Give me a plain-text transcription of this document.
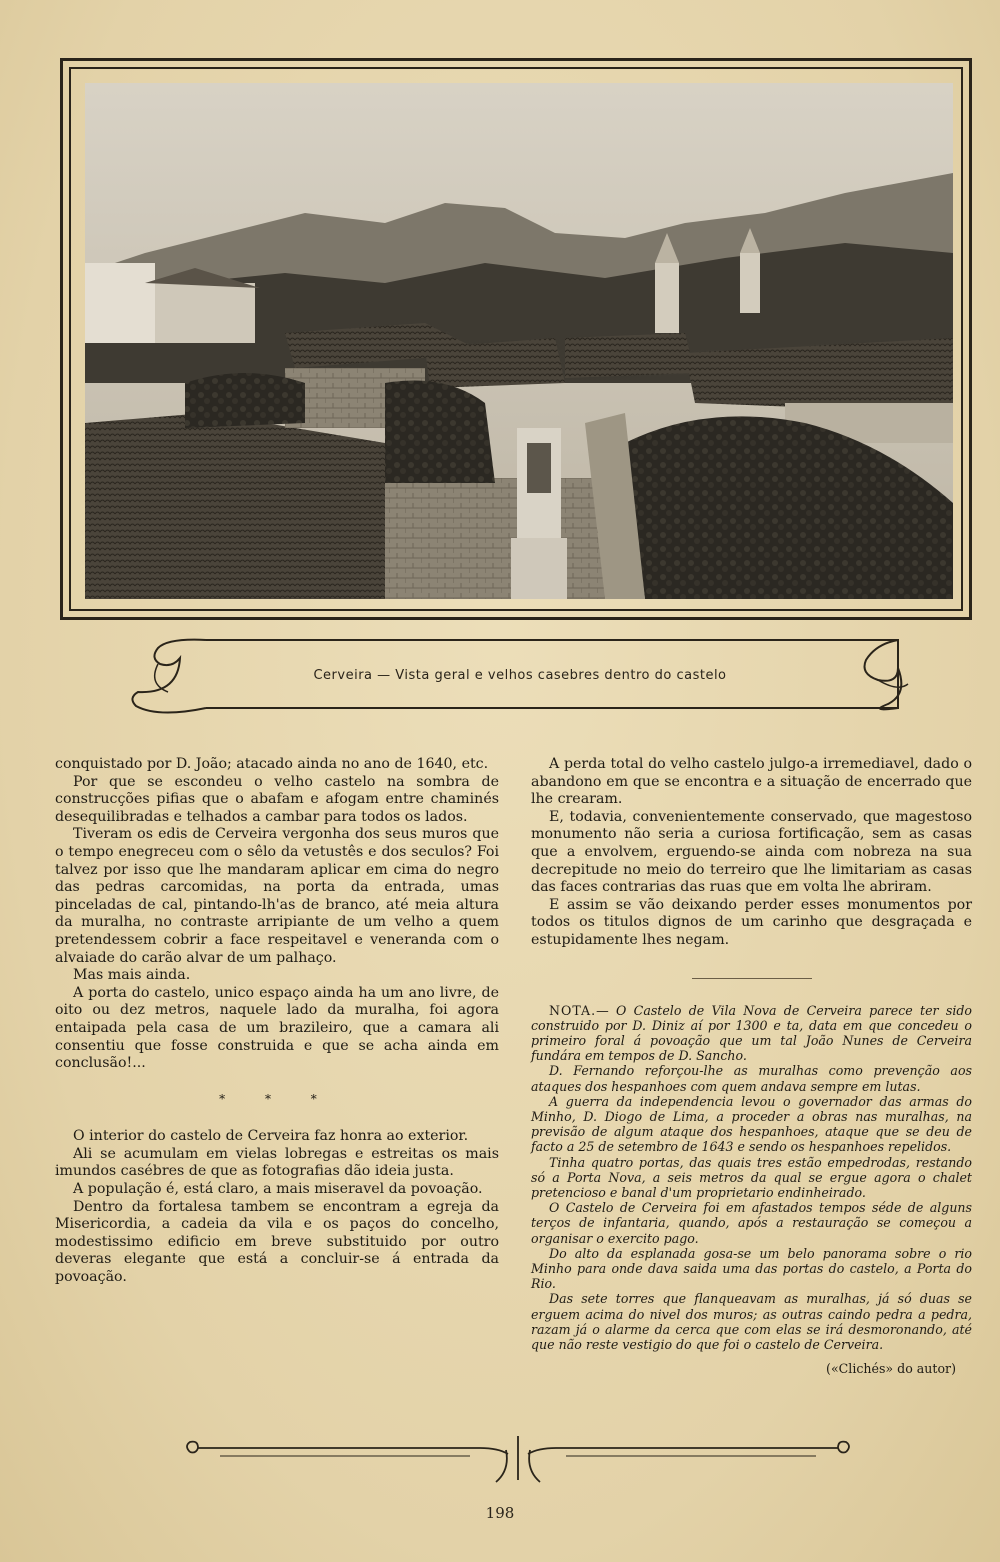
Cerveira — Vista geral e velhos casebres dentro do castelo

conquistado por D. João; atacado ainda no ano de 1640, etc.

Por que se escondeu o velho castelo na sombra de construcções pifias que o abafam e afogam entre chaminés desequilibradas e telhados a cambar para todos os lados.

Tiveram os edis de Cerveira vergonha dos seus muros que o tempo enegreceu com o sêlo da vetustês e dos seculos? Foi talvez por isso que lhe mandaram aplicar em cima do negro das pedras carcomidas, na porta da entrada, umas pinceladas de cal, pintando-lh'as de branco, até meia altura da muralha, no contraste arripiante de um velho a quem pretendessem cobrir a face respeitavel e veneranda com o alvaiade do carão alvar de um palhaço.

Mas mais ainda.

A porta do castelo, unico espaço ainda ha um ano livre, de oito ou dez metros, naquele lado da muralha, foi agora entaipada pela casa de um brazileiro, que a camara ali consentiu que fosse construida e que se acha ainda em conclusão!...

* * *

O interior do castelo de Cerveira faz honra ao exterior.

Ali se acumulam em vielas lobregas e estreitas os mais imundos casébres de que as fotografias dão ideia justa.

A população é, está claro, a mais miseravel da povoação.

Dentro da fortalesa tambem se encontram a egreja da Misericordia, a cadeia da vila e os paços do concelho, modestissimo edificio em breve substituido por outro deveras elegante que está a concluir-se á entrada da povoação.

A perda total do velho castelo julgo-a irremediavel, dado o abandono em que se encontra e a situação de encerrado que lhe crearam.

E, todavia, convenientemente conservado, que magestoso monumento não seria a curiosa fortificação, sem as casas que a envolvem, erguendo-se ainda com nobreza na sua decrepitude no meio do terreiro que lhe limitariam as casas das faces contrarias das ruas que em volta lhe abriram.

E assim se vão deixando perder esses monumentos por todos os titulos dignos de um carinho que desgraçada e estupidamente lhes negam.

NOTA.— O Castelo de Vila Nova de Cerveira parece ter sido construido por D. Diniz aí por 1300 e ta, data em que concedeu o primeiro foral á povoação que um tal João Nunes de Cerveira fundára em tempos de D. Sancho.

D. Fernando reforçou-lhe as muralhas como prevenção aos ataques dos hespanhoes com quem andava sempre em lutas.

A guerra da independencia levou o governador das armas do Minho, D. Diogo de Lima, a proceder a obras nas muralhas, na previsão de algum ataque dos hespanhoes, ataque que se deu de facto a 25 de setembro de 1643 e sendo os hespanhoes repelidos.

Tinha quatro portas, das quais tres estão empedrodas, restando só a Porta Nova, a seis metros da qual se ergue agora o chalet pretencioso e banal d'um proprietario endinheirado.

O Castelo de Cerveira foi em afastados tempos séde de alguns terços de infantaria, quando, após a restauração se começou a organisar o exercito pago.

Do alto da esplanada gosa-se um belo panorama sobre o rio Minho para onde dava saida uma das portas do castelo, a Porta do Rio.

Das sete torres que flanqueavam as muralhas, já só duas se erguem acima do nivel dos muros; as outras caindo pedra a pedra, razam já o alarme da cerca que com elas se irá desmoronando, até que não reste vestigio do que foi o castelo de Cerveira.

(«Clichés» do autor)
198
